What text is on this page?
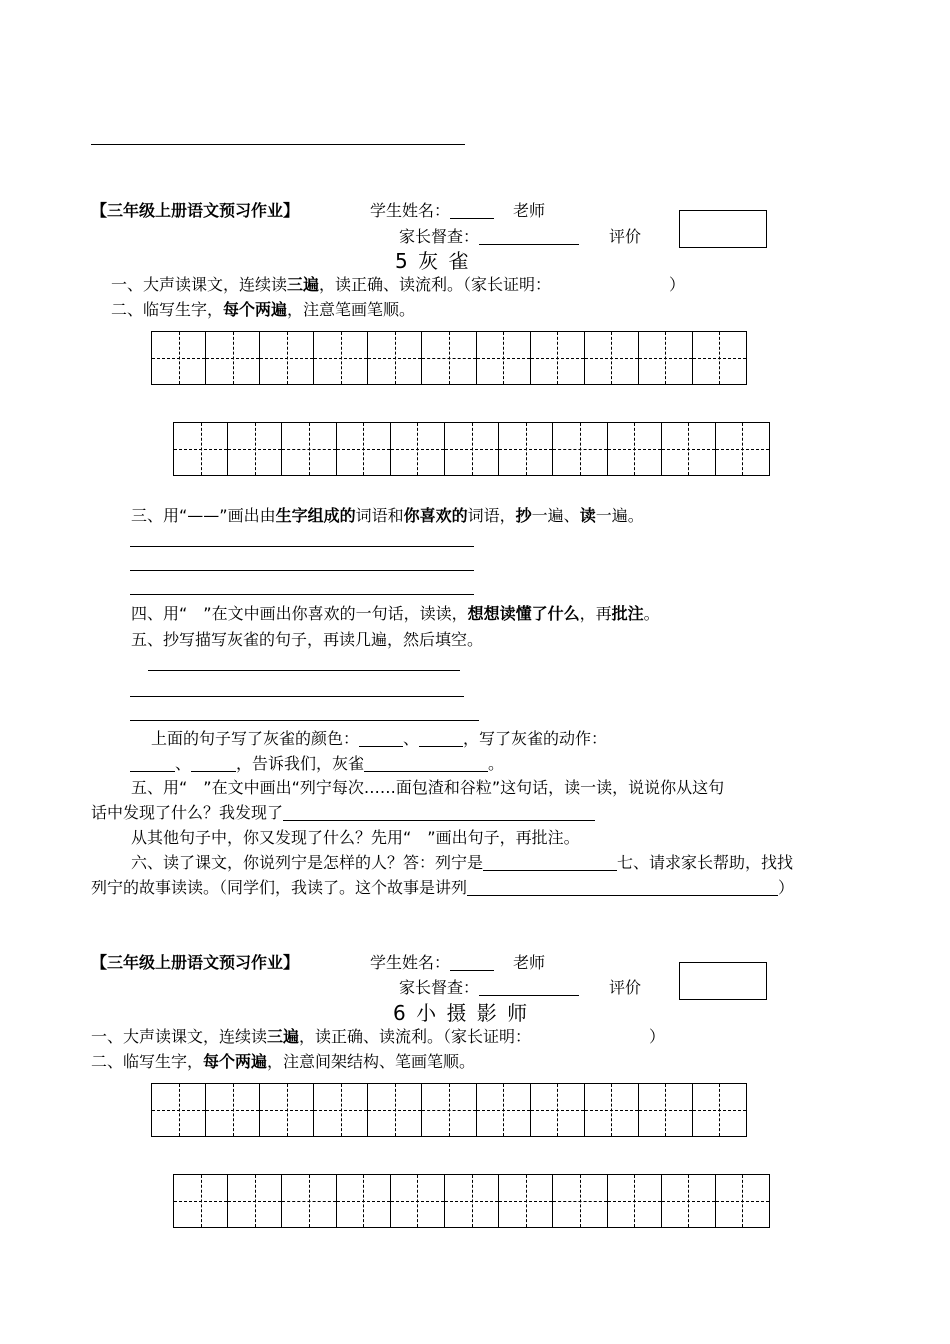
【三年级上册语文预习作业】	学生姓名：	老师
家长督查：	评价
5 灰 雀
一、大声读课文，连续读三遍，读正确、读流利。（家长证明：	）
二、临写生字，每个两遍，注意笔画笔顺。
三、用“——”画出由生字组成的词语和你喜欢的词语，抄一遍、读一遍。
四、用“　”在文中画出你喜欢的一句话，读读，想想读懂了什么，再批注。
五、抄写描写灰雀的句子，再读几遍，然后填空。
上面的句子写了灰雀的颜色：	、	，写了灰雀的动作：
、	，告诉我们，灰雀	。
五、用“　”在文中画出“列宁每次……面包渣和谷粒”这句话，读一读，说说你从这句
话中发现了什么？我发现了
从其他句子中，你又发现了什么？先用“　”画出句子，再批注。
六、读了课文，你说列宁是怎样的人？答：列宁是	七、请求家长帮助，找找
列宁的故事读读。（同学们，我读了。这个故事是讲列	）
【三年级上册语文预习作业】	学生姓名：	老师
家长督查：	评价
6 小 摄 影 师
一、大声读课文，连续读三遍，读正确、读流利。（家长证明：	）
二、临写生字，每个两遍，注意间架结构、笔画笔顺。
